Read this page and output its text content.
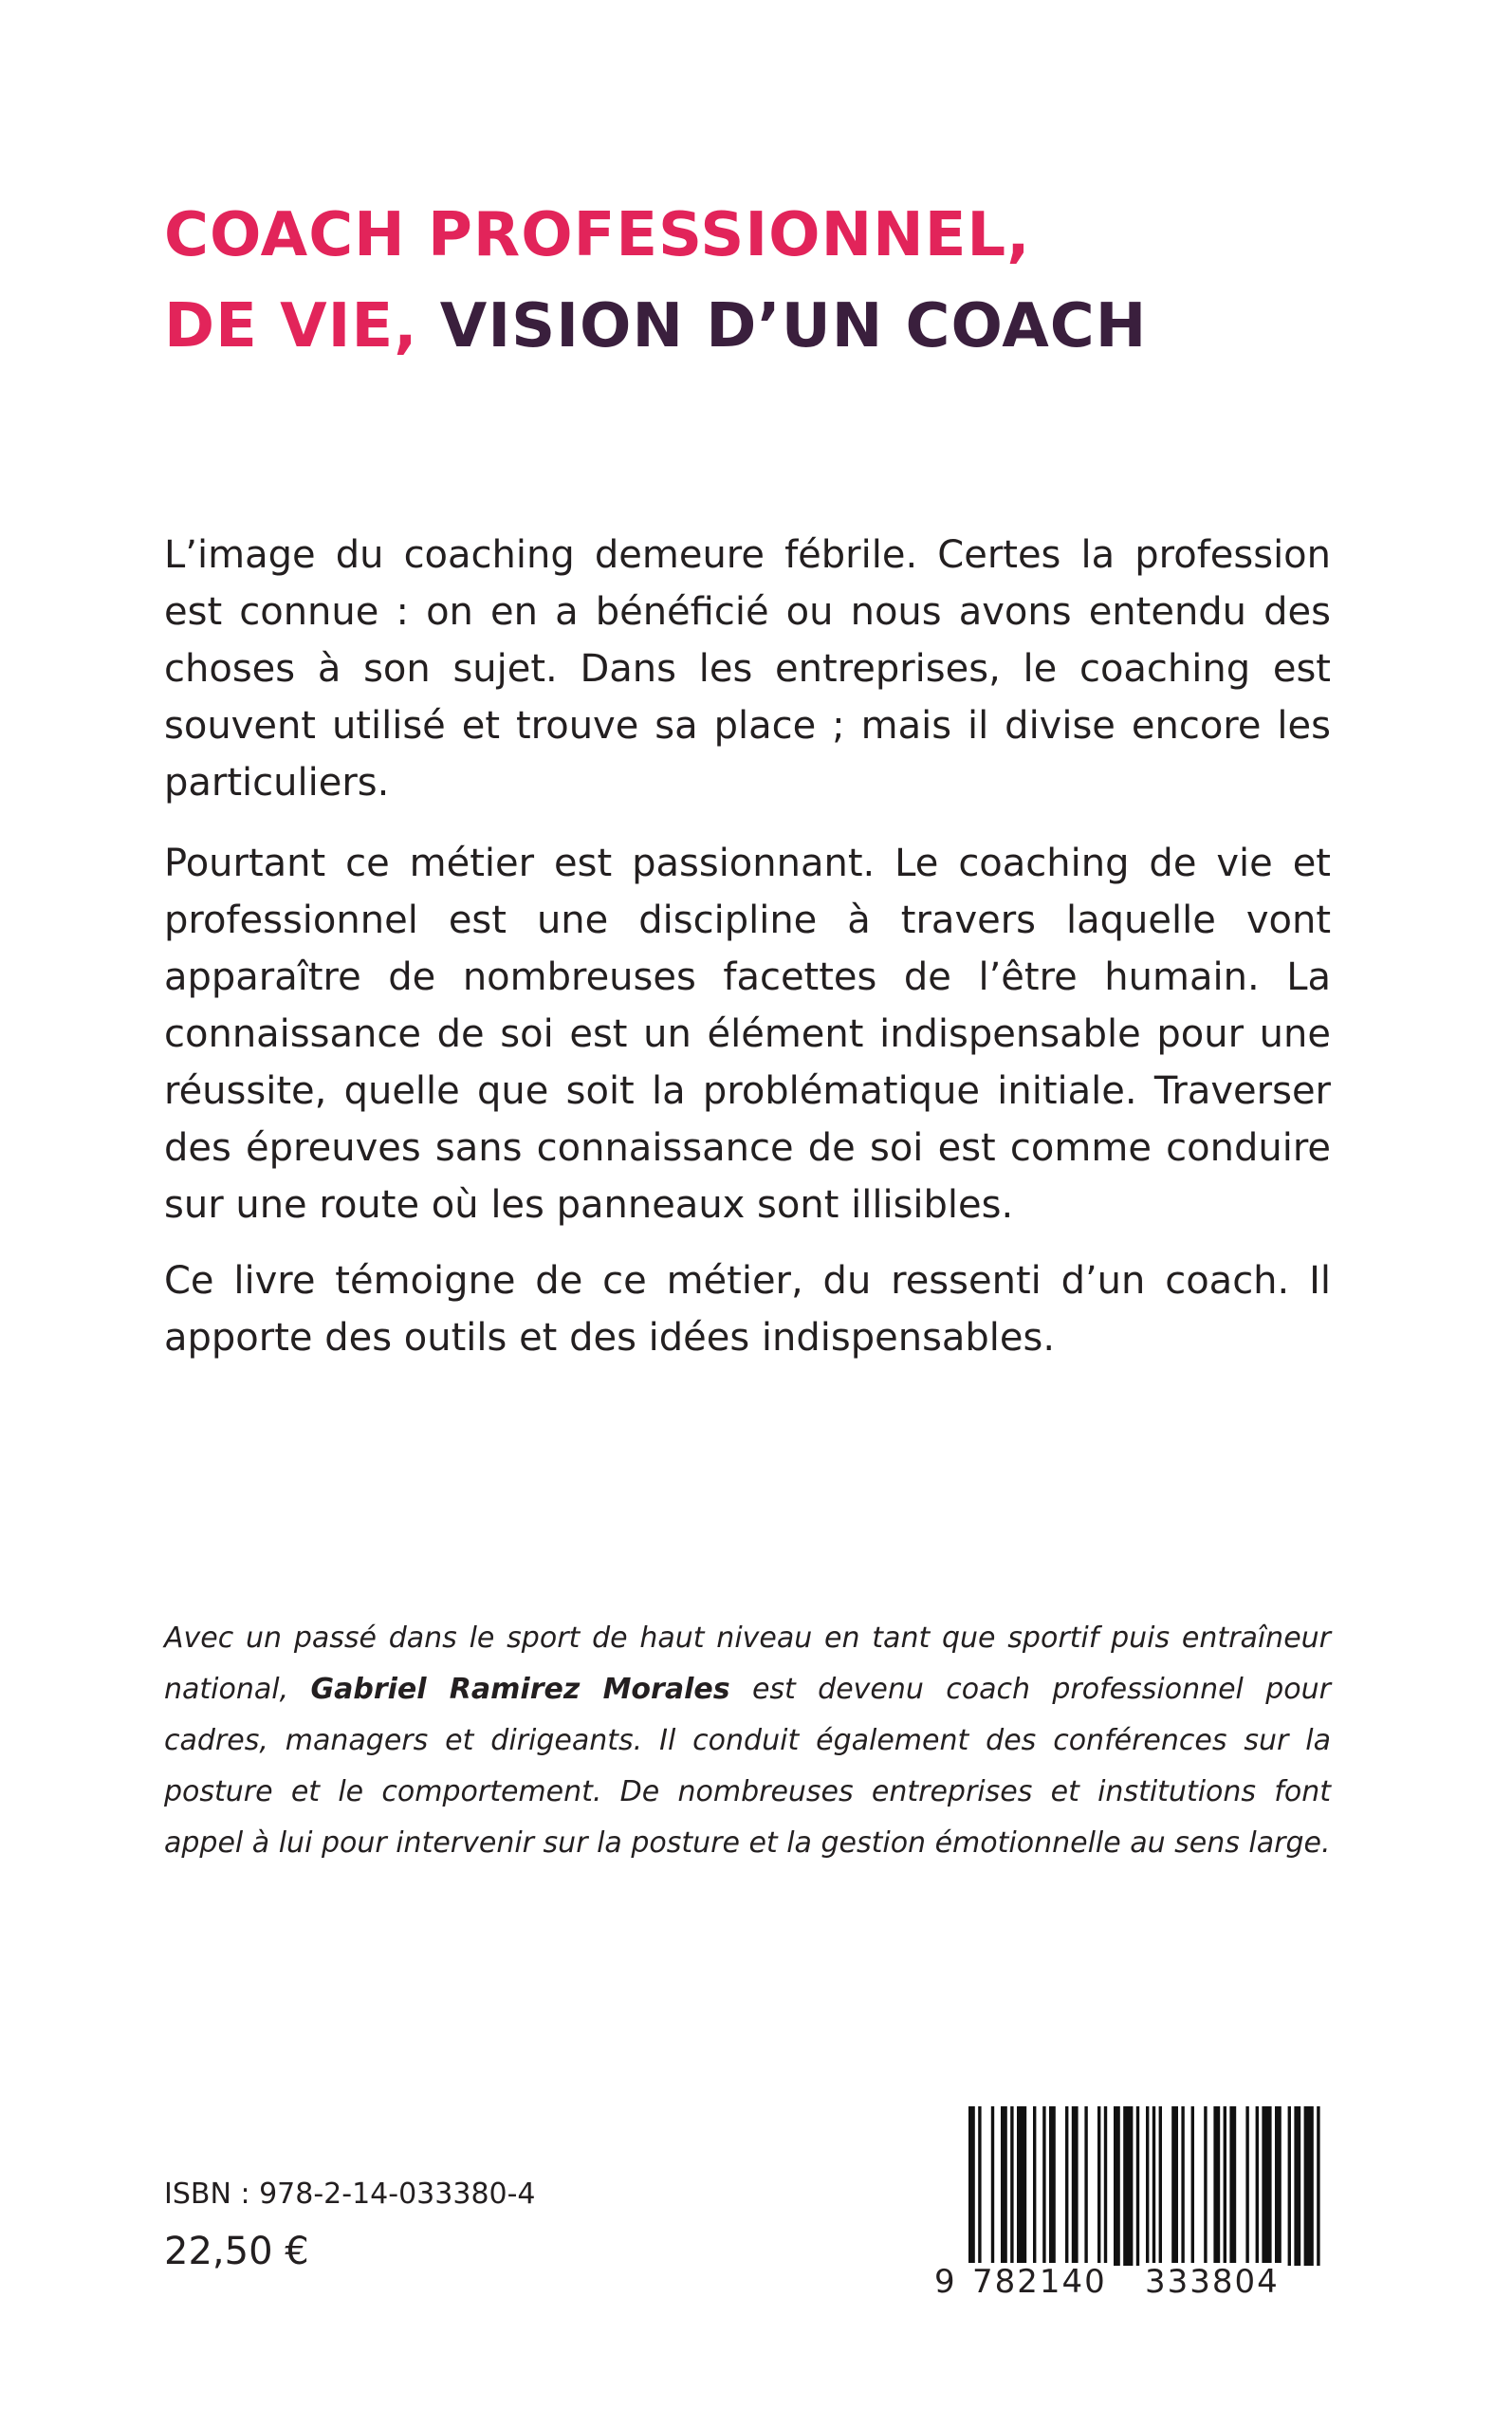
COACH PROFESSIONNEL,
DE VIE, VISION D’UN COACH

L’image du coaching demeure fébrile. Certes la profession est connue : on en a bénéficié ou nous avons entendu des choses à son sujet. Dans les entreprises, le coaching est souvent utilisé et trouve sa place ; mais il divise encore les particuliers.

Pourtant ce métier est passionnant. Le coaching de vie et professionnel est une discipline à travers laquelle vont apparaître de nombreuses facettes de l’être humain. La connaissance de soi est un élément indispensable pour une réussite, quelle que soit la problématique initiale. Traverser des épreuves sans connaissance de soi est comme conduire sur une route où les panneaux sont illisibles.

Ce livre témoigne de ce métier, du ressenti d’un coach. Il apporte des outils et des idées indispensables.

Avec un passé dans le sport de haut niveau en tant que sportif puis entraîneur national, Gabriel Ramirez Morales est devenu coach professionnel pour cadres, managers et dirigeants. Il conduit également des conférences sur la posture et le comportement. De nombreuses entreprises et institutions font appel à lui pour intervenir sur la posture et la gestion émotionnelle au sens large.

ISBN : 978-2-14-033380-4
22,50 €
9 782140 333804
